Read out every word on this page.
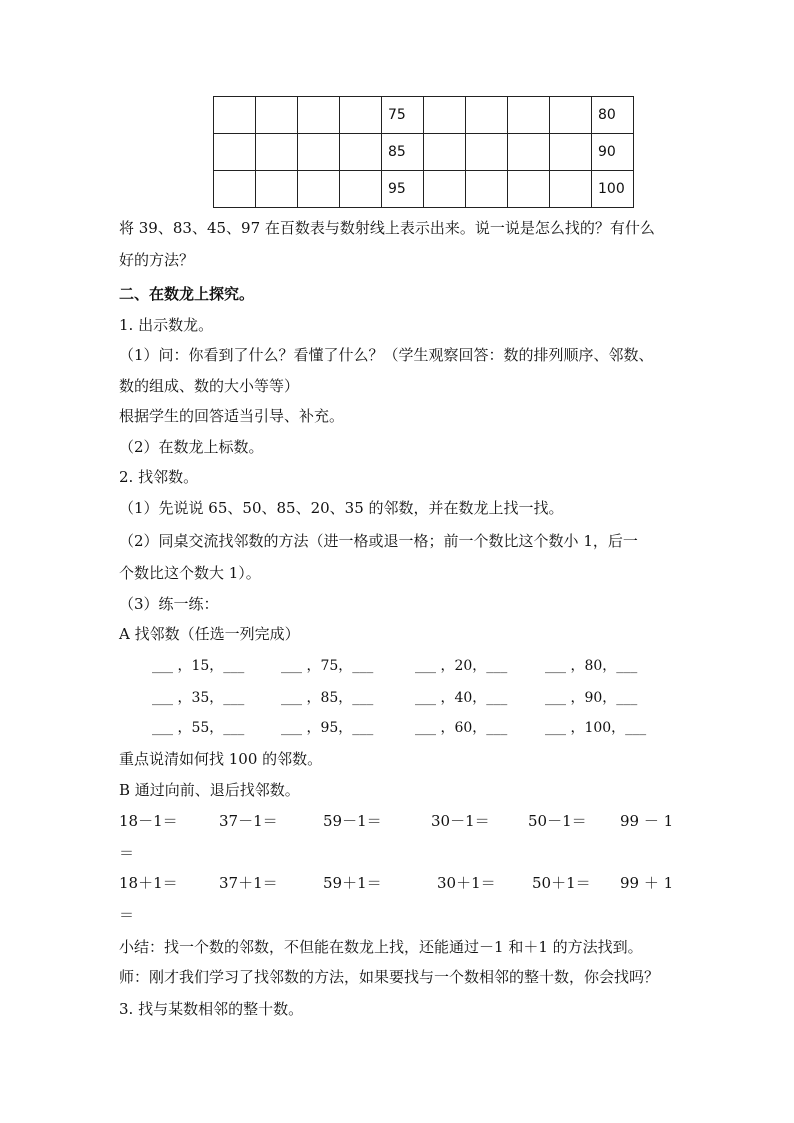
				75					80
				85					90
				95					100
将 39、83、45、97 在百数表与数射线上表示出来。说一说是怎么找的？有什么
好的方法？
二、在数龙上探究。
1. 出示数龙。
（1）问：你看到了什么？看懂了什么？（学生观察回答：数的排列顺序、邻数、
数的组成、数的大小等等）
根据学生的回答适当引导、补充。
（2）在数龙上标数。
2. 找邻数。
（1）先说说 65、50、85、20、35 的邻数，并在数龙上找一找。
（2）同桌交流找邻数的方法（进一格或退一格；前一个数比这个数小 1，后一
个数比这个数大 1）。
（3）练一练：
A 找邻数（任选一列完成）
___ ，15，___	___ ，75，___	___ ，20，___	___ ，80，___
___ ，35，___	___ ，85，___	___ ，40，___	___ ，90，___
___ ，55，___	___ ，95，___	___ ，60，___	___ ，100，___
重点说清如何找 100 的邻数。
B 通过向前、退后找邻数。
18－1＝	37－1＝	59－1＝	30－1＝	50－1＝ 99 － 1
＝
18＋1＝	37＋1＝	59＋1＝	30＋1＝ 50＋1＝ 99 ＋ 1
＝
小结：找一个数的邻数，不但能在数龙上找，还能通过－1 和＋1 的方法找到。
师：刚才我们学习了找邻数的方法，如果要找与一个数相邻的整十数，你会找吗？
3. 找与某数相邻的整十数。
